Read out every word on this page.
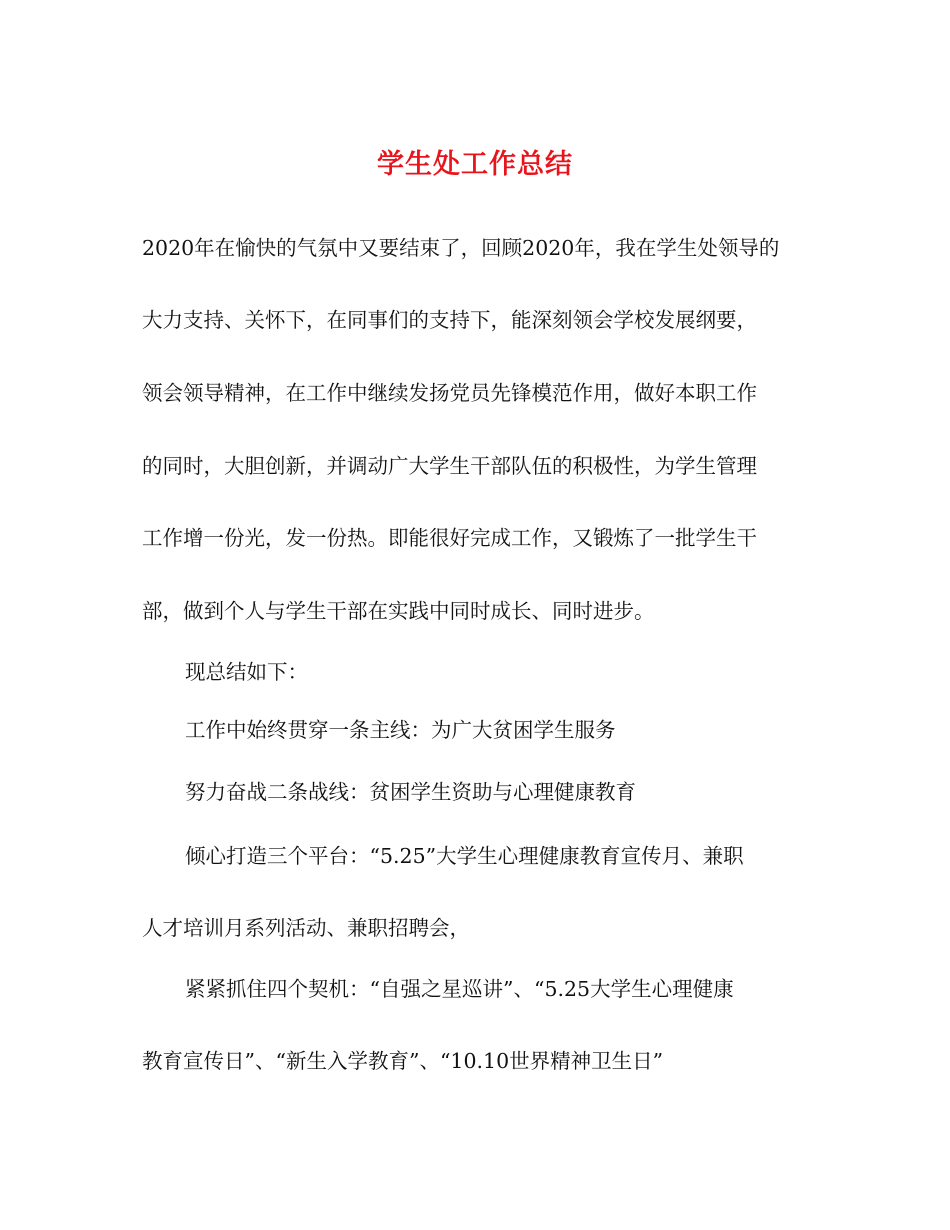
学生处工作总结
2020年在愉快的气氛中又要结束了，回顾2020年，我在学生处领导的
大力支持、关怀下，在同事们的支持下，能深刻领会学校发展纲要，
领会领导精神，在工作中继续发扬党员先锋模范作用，做好本职工作
的同时，大胆创新，并调动广大学生干部队伍的积极性，为学生管理
工作增一份光，发一份热。即能很好完成工作，又锻炼了一批学生干
部，做到个人与学生干部在实践中同时成长、同时进步。
现总结如下：
工作中始终贯穿一条主线：为广大贫困学生服务
努力奋战二条战线：贫困学生资助与心理健康教育
倾心打造三个平台：“5.25”大学生心理健康教育宣传月、兼职
人才培训月系列活动、兼职招聘会，
紧紧抓住四个契机：“自强之星巡讲”、“5.25大学生心理健康
教育宣传日”、“新生入学教育”、“10.10世界精神卫生日”
